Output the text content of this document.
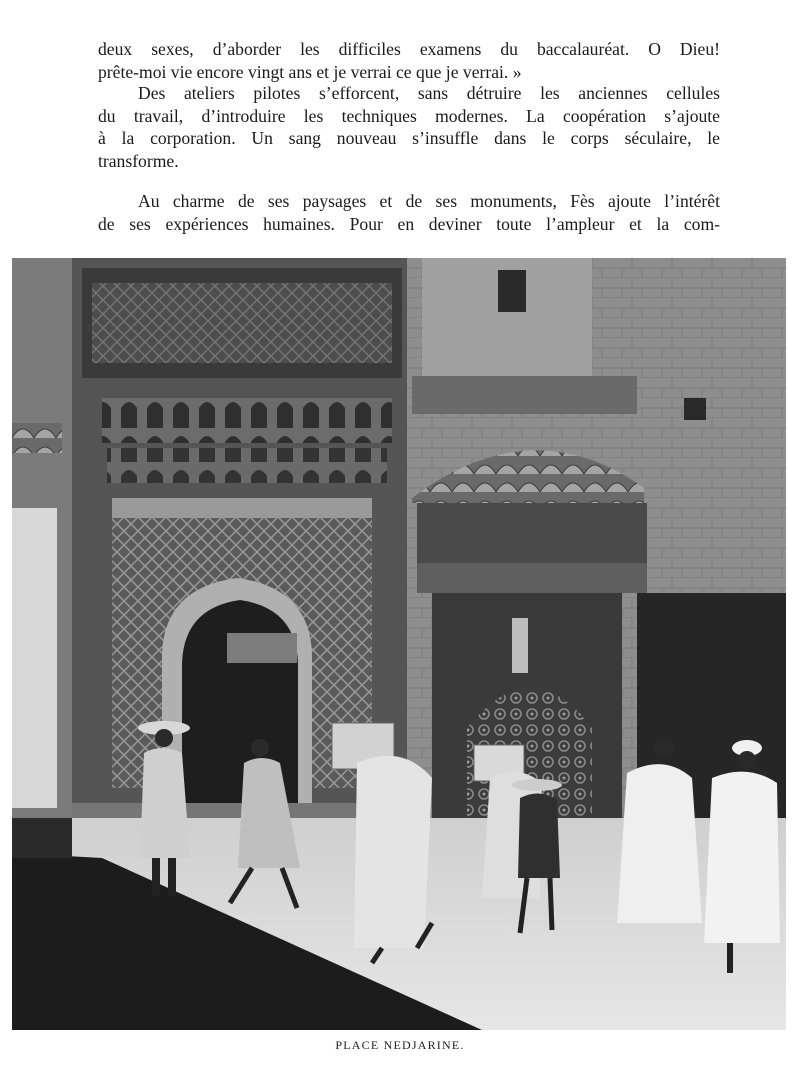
deux sexes, d’aborder les difficiles examens du baccalauréat. O Dieu!
prête-moi vie encore vingt ans et je verrai ce que je verrai. »
Des ateliers pilotes s’efforcent, sans détruire les anciennes cellules
du travail, d’introduire les techniques modernes. La coopération s’ajoute
à la corporation. Un sang nouveau s’insuffle dans le corps séculaire, le
transforme.
Au charme de ses paysages et de ses monuments, Fès ajoute l’intérêt
de ses expériences humaines. Pour en deviner toute l’ampleur et la com-
PLACE NEDJARINE.
